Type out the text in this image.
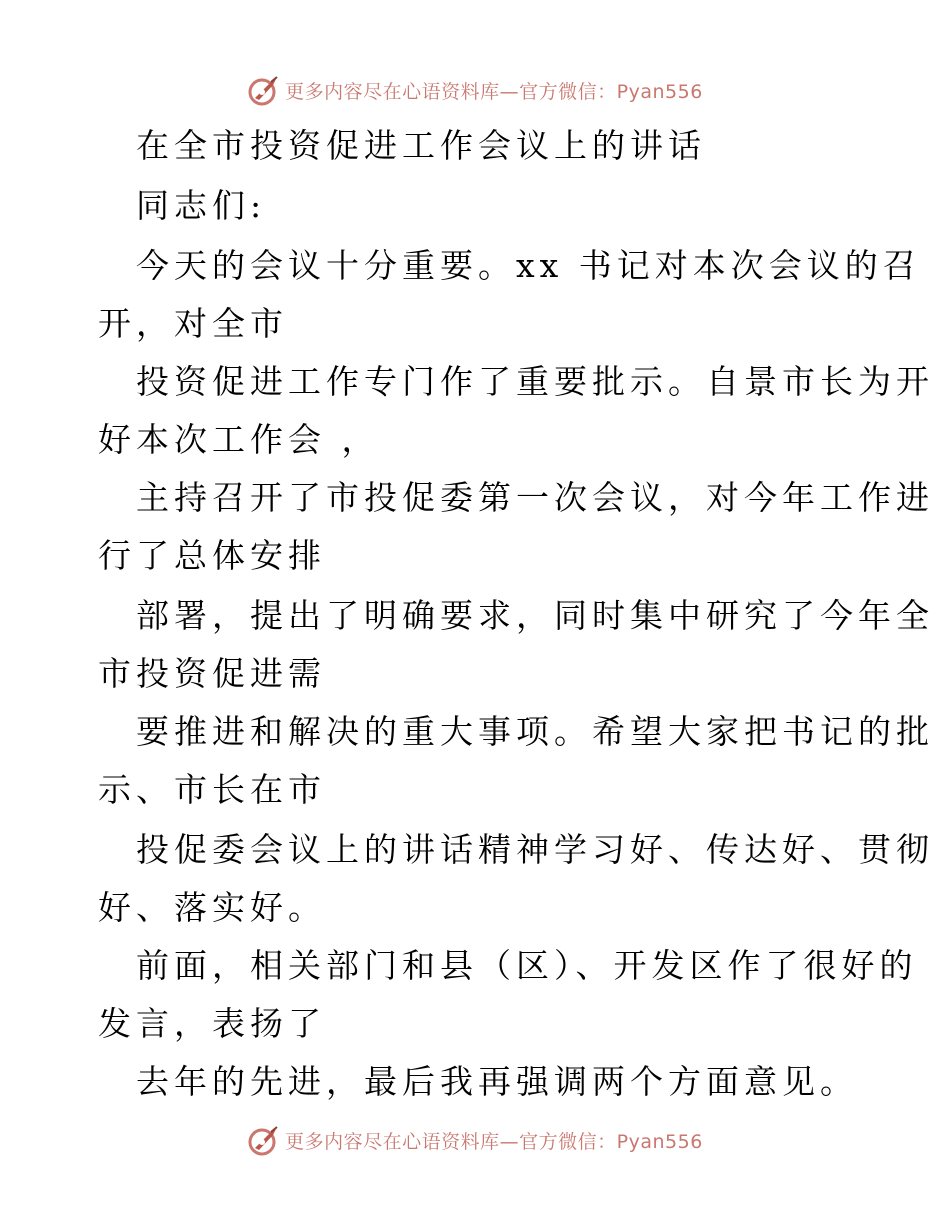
更多内容尽在心语资料库—官方微信：Pyan556
在全市投资促进工作会议上的讲话
同志们:
今天的会议十分重要。xx 书记对本次会议的召
开，对全市
投资促进工作专门作了重要批示。自景市长为开
好本次工作会 ，
主持召开了市投促委第一次会议，对今年工作进
行了总体安排
部署，提出了明确要求，同时集中研究了今年全
市投资促进需
要推进和解决的重大事项。希望大家把书记的批
示、市长在市
投促委会议上的讲话精神学习好、传达好、贯彻
好、落实好。
前面，相关部门和县（区）、开发区作了很好的
发言，表扬了
去年的先进，最后我再强调两个方面意见。
更多内容尽在心语资料库—官方微信：Pyan556
